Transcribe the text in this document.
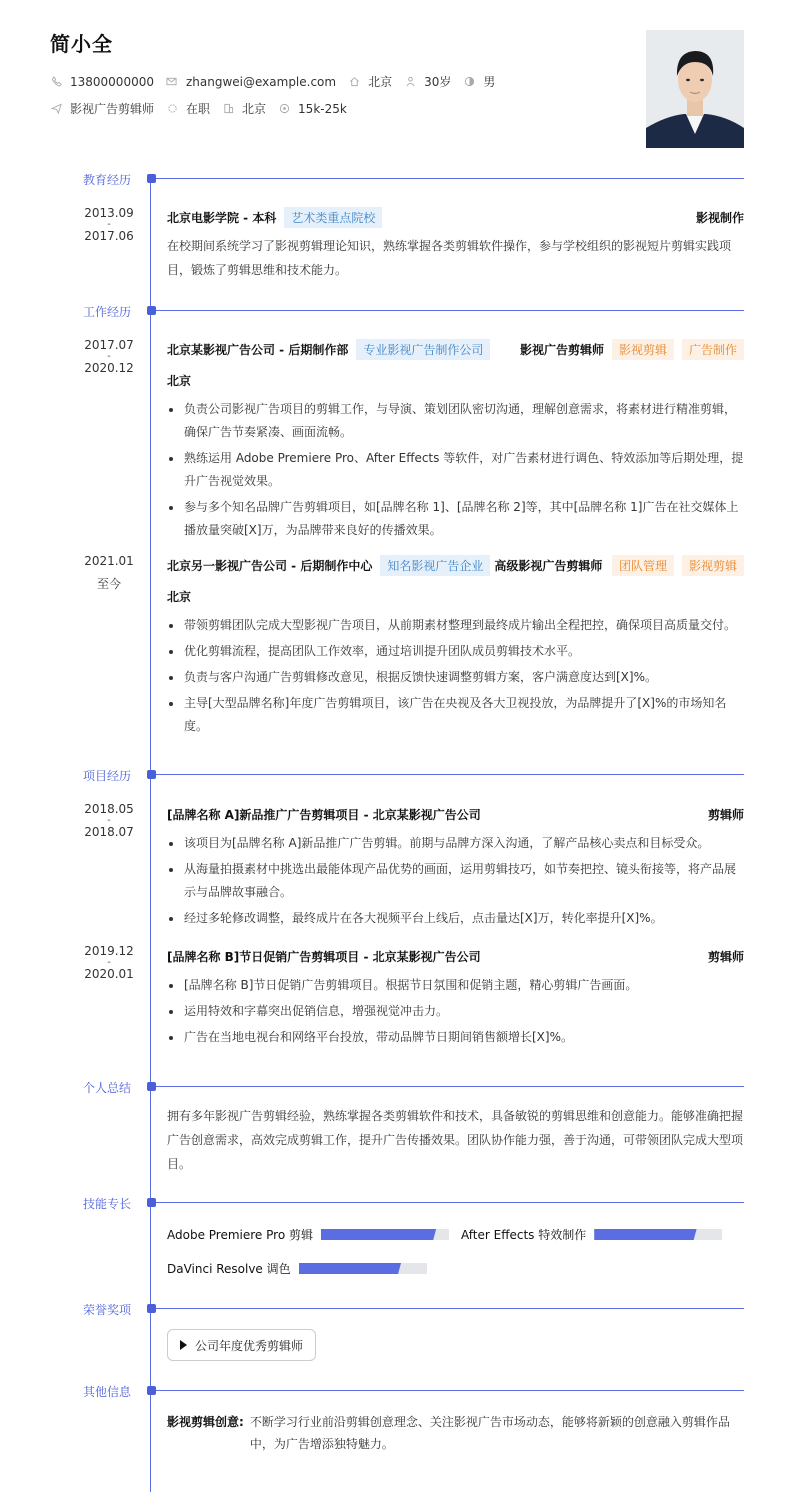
简小全
13800000000	zhangwei@example.com	北京	30岁	男
影视广告剪辑师	在职	北京	15k-25k
教育经历
2013.09
-
2017.06
北京电影学院 - 本科	艺术类重点院校	影视制作
在校期间系统学习了影视剪辑理论知识，熟练掌握各类剪辑软件操作，参与学校组织的影视短片剪辑实践项目，锻炼了剪辑思维和技术能力。
工作经历
2017.07
-
2020.12
北京某影视广告公司 - 后期制作部	专业影视广告制作公司	影视广告剪辑师	影视剪辑	广告制作
北京
负责公司影视广告项目的剪辑工作，与导演、策划团队密切沟通，理解创意需求，将素材进行精准剪辑，确保广告节奏紧凑、画面流畅。
熟练运用 Adobe Premiere Pro、After Effects 等软件，对广告素材进行调色、特效添加等后期处理，提升广告视觉效果。
参与多个知名品牌广告剪辑项目，如[品牌名称 1]、[品牌名称 2]等，其中[品牌名称 1]广告在社交媒体上播放量突破[X]万，为品牌带来良好的传播效果。
2021.01
至今
北京另一影视广告公司 - 后期制作中心	知名影视广告企业 高级影视广告剪辑师	团队管理	影视剪辑
北京
带领剪辑团队完成大型影视广告项目，从前期素材整理到最终成片输出全程把控，确保项目高质量交付。
优化剪辑流程，提高团队工作效率，通过培训提升团队成员剪辑技术水平。
负责与客户沟通广告剪辑修改意见，根据反馈快速调整剪辑方案，客户满意度达到[X]%。
主导[大型品牌名称]年度广告剪辑项目，该广告在央视及各大卫视投放，为品牌提升了[X]%的市场知名度。
项目经历
2018.05
-
2018.07
[品牌名称 A]新品推广广告剪辑项目 - 北京某影视广告公司	剪辑师
该项目为[品牌名称 A]新品推广广告剪辑。前期与品牌方深入沟通，了解产品核心卖点和目标受众。
从海量拍摄素材中挑选出最能体现产品优势的画面，运用剪辑技巧，如节奏把控、镜头衔接等，将产品展示与品牌故事融合。
经过多轮修改调整，最终成片在各大视频平台上线后，点击量达[X]万，转化率提升[X]%。
2019.12
-
2020.01
[品牌名称 B]节日促销广告剪辑项目 - 北京某影视广告公司	剪辑师
[品牌名称 B]节日促销广告剪辑项目。根据节日氛围和促销主题，精心剪辑广告画面。
运用特效和字幕突出促销信息，增强视觉冲击力。
广告在当地电视台和网络平台投放，带动品牌节日期间销售额增长[X]%。
个人总结
拥有多年影视广告剪辑经验，熟练掌握各类剪辑软件和技术，具备敏锐的剪辑思维和创意能力。能够准确把握广告创意需求，高效完成剪辑工作，提升广告传播效果。团队协作能力强，善于沟通，可带领团队完成大型项目。
技能专长
Adobe Premiere Pro 剪辑	After Effects 特效制作
DaVinci Resolve 调色
荣誉奖项
公司年度优秀剪辑师
其他信息
影视剪辑创意: 不断学习行业前沿剪辑创意理念、关注影视广告市场动态，能够将新颖的创意融入剪辑作品中，为广告增添独特魅力。
